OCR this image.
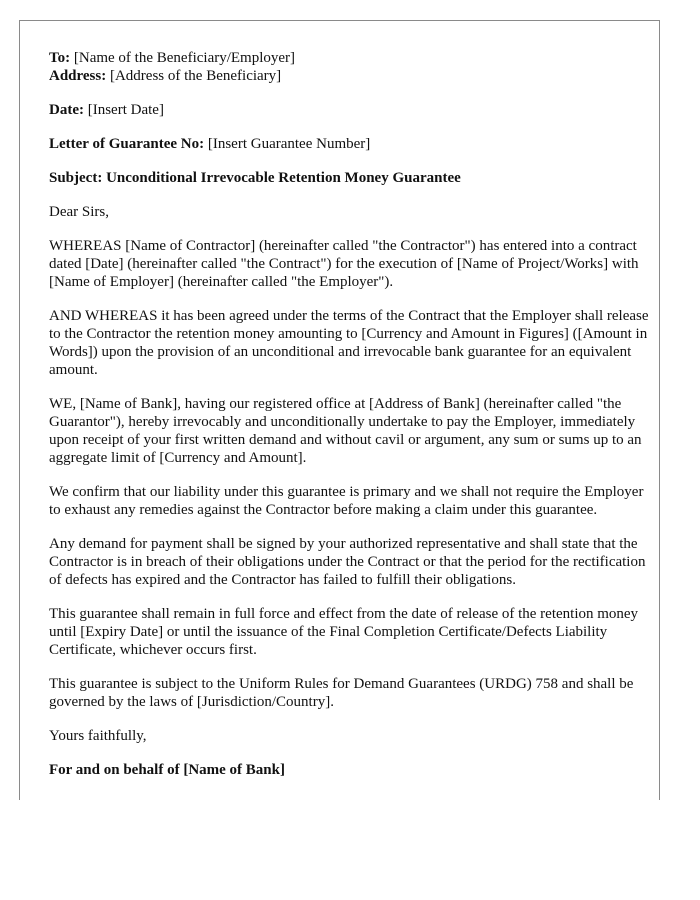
To: [Name of the Beneficiary/Employer]

Address: [Address of the Beneficiary]

Date: [Insert Date]

Letter of Guarantee No: [Insert Guarantee Number]

Subject: Unconditional Irrevocable Retention Money Guarantee

Dear Sirs,

WHEREAS [Name of Contractor] (hereinafter called "the Contractor") has entered into a contract dated [Date] (hereinafter called "the Contract") for the execution of [Name of Project/Works] with [Name of Employer] (hereinafter called "the Employer").

AND WHEREAS it has been agreed under the terms of the Contract that the Employer shall release to the Contractor the retention money amounting to [Currency and Amount in Figures] ([Amount in Words]) upon the provision of an unconditional and irrevocable bank guarantee for an equivalent amount.

WE, [Name of Bank], having our registered office at [Address of Bank] (hereinafter called "the Guarantor"), hereby irrevocably and unconditionally undertake to pay the Employer, immediately upon receipt of your first written demand and without cavil or argument, any sum or sums up to an aggregate limit of [Currency and Amount].

We confirm that our liability under this guarantee is primary and we shall not require the Employer to exhaust any remedies against the Contractor before making a claim under this guarantee.

Any demand for payment shall be signed by your authorized representative and shall state that the Contractor is in breach of their obligations under the Contract or that the period for the rectification of defects has expired and the Contractor has failed to fulfill their obligations.

This guarantee shall remain in full force and effect from the date of release of the retention money until [Expiry Date] or until the issuance of the Final Completion Certificate/Defects Liability Certificate, whichever occurs first.

This guarantee is subject to the Uniform Rules for Demand Guarantees (URDG) 758 and shall be governed by the laws of [Jurisdiction/Country].

Yours faithfully,

For and on behalf of [Name of Bank]
